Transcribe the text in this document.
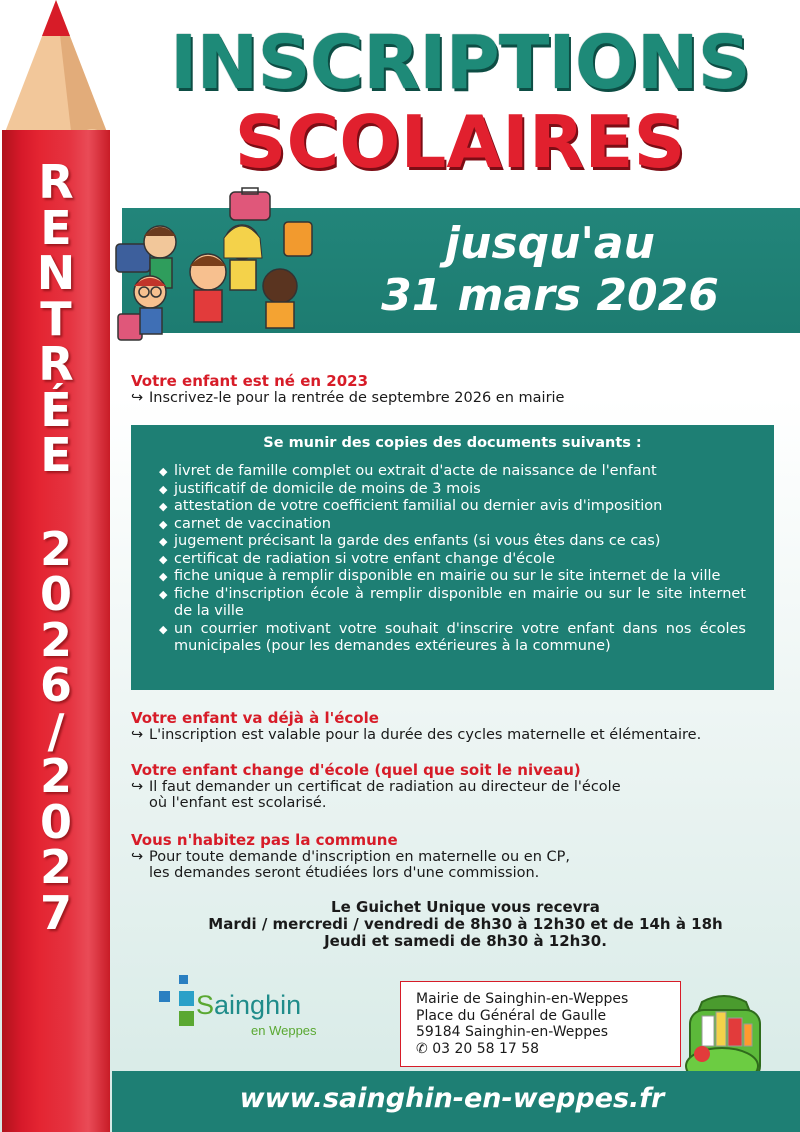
R
E
N
T
R
É
E
2
0
2
6
/
2
0
2
7
INSCRIPTIONS
SCOLAIRES
jusqu'au
31 mars 2026
Votre enfant est né en 2023
↪ Inscrivez-le pour la rentrée de septembre 2026 en mairie
Se munir des copies des documents suivants :
◆ livret de famille complet ou extrait d'acte de naissance de l'enfant
◆ justificatif de domicile de moins de 3 mois
◆ attestation de votre coefficient familial ou dernier avis d'imposition
◆ carnet de vaccination
◆ jugement précisant la garde des enfants (si vous êtes dans ce cas)
◆ certificat de radiation si votre enfant change d'école
◆ fiche unique à remplir disponible en mairie ou sur le site internet de la ville
◆ fiche d'inscription école à remplir disponible en mairie ou sur le site internet de la ville
◆ un courrier motivant votre souhait d'inscrire votre enfant dans nos écoles municipales (pour les demandes extérieures à la commune)
Votre enfant va déjà à l'école
↪ L'inscription est valable pour la durée des cycles maternelle et élémentaire.
Votre enfant change d'école (quel que soit le niveau)
↪ Il faut demander un certificat de radiation au directeur de l'école
où l'enfant est scolarisé.
Vous n'habitez pas la commune
↪ Pour toute demande d'inscription en maternelle ou en CP,
les demandes seront étudiées lors d'une commission.
Le Guichet Unique vous recevra
Mardi / mercredi / vendredi de 8h30 à 12h30 et de 14h à 18h
Jeudi et samedi de 8h30 à 12h30.
Sainghin
en Weppes
Mairie de Sainghin-en-Weppes
Place du Général de Gaulle
59184 Sainghin-en-Weppes
✆ 03 20 58 17 58
www.sainghin-en-weppes.fr
